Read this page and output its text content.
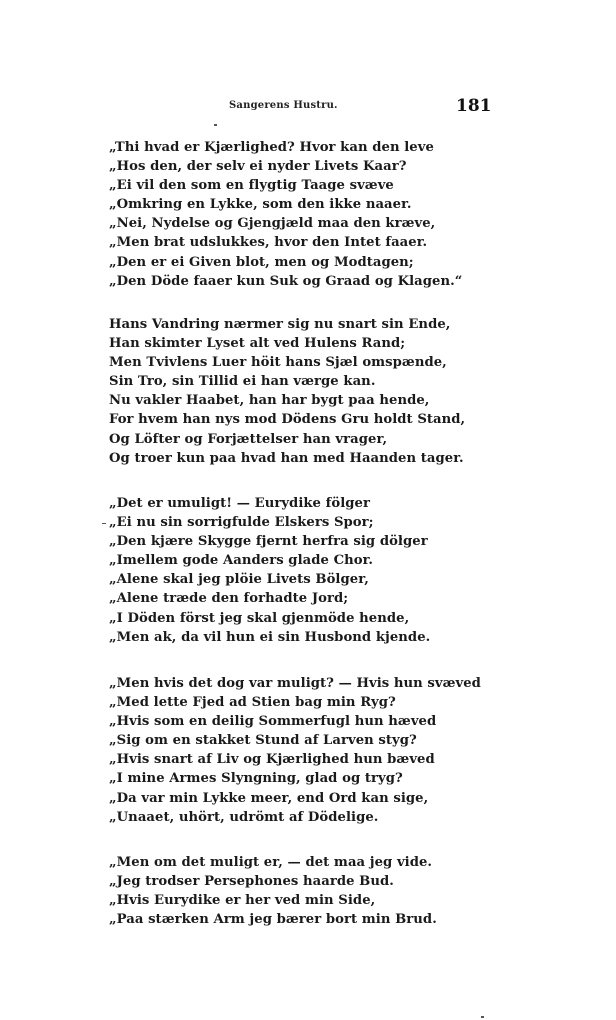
Sangerens Hustru.	181
„Thi hvad er Kjærlighed? Hvor kan den leve
„Hos den, der selv ei nyder Livets Kaar?
„Ei vil den som en flygtig Taage svæve
„Omkring en Lykke, som den ikke naaer.
„Nei, Nydelse og Gjengjæld maa den kræve,
„Men brat udslukkes, hvor den Intet faaer.
„Den er ei Given blot, men og Modtagen;
„Den Döde faaer kun Suk og Graad og Klagen.“
Hans Vandring nærmer sig nu snart sin Ende,
Han skimter Lyset alt ved Hulens Rand;
Men Tvivlens Luer höit hans Sjæl omspænde,
Sin Tro, sin Tillid ei han værge kan.
Nu vakler Haabet, han har bygt paa hende,
For hvem han nys mod Dödens Gru holdt Stand,
Og Löfter og Forjættelser han vrager,
Og troer kun paa hvad han med Haanden tager.
„Det er umuligt! — Eurydike fölger
„Ei nu sin sorrigfulde Elskers Spor;
„Den kjære Skygge fjernt herfra sig dölger
„Imellem gode Aanders glade Chor.
„Alene skal jeg plöie Livets Bölger,
„Alene træde den forhadte Jord;
„I Döden först jeg skal gjenmöde hende,
„Men ak, da vil hun ei sin Husbond kjende.
„Men hvis det dog var muligt? — Hvis hun svæved
„Med lette Fjed ad Stien bag min Ryg?
„Hvis som en deilig Sommerfugl hun hæved
„Sig om en stakket Stund af Larven styg?
„Hvis snart af Liv og Kjærlighed hun bæved
„I mine Armes Slyngning, glad og tryg?
„Da var min Lykke meer, end Ord kan sige,
„Unaaet, uhört, udrömt af Dödelige.
„Men om det muligt er, — det maa jeg vide.
„Jeg trodser Persephones haarde Bud.
„Hvis Eurydike er her ved min Side,
„Paa stærken Arm jeg bærer bort min Brud.
